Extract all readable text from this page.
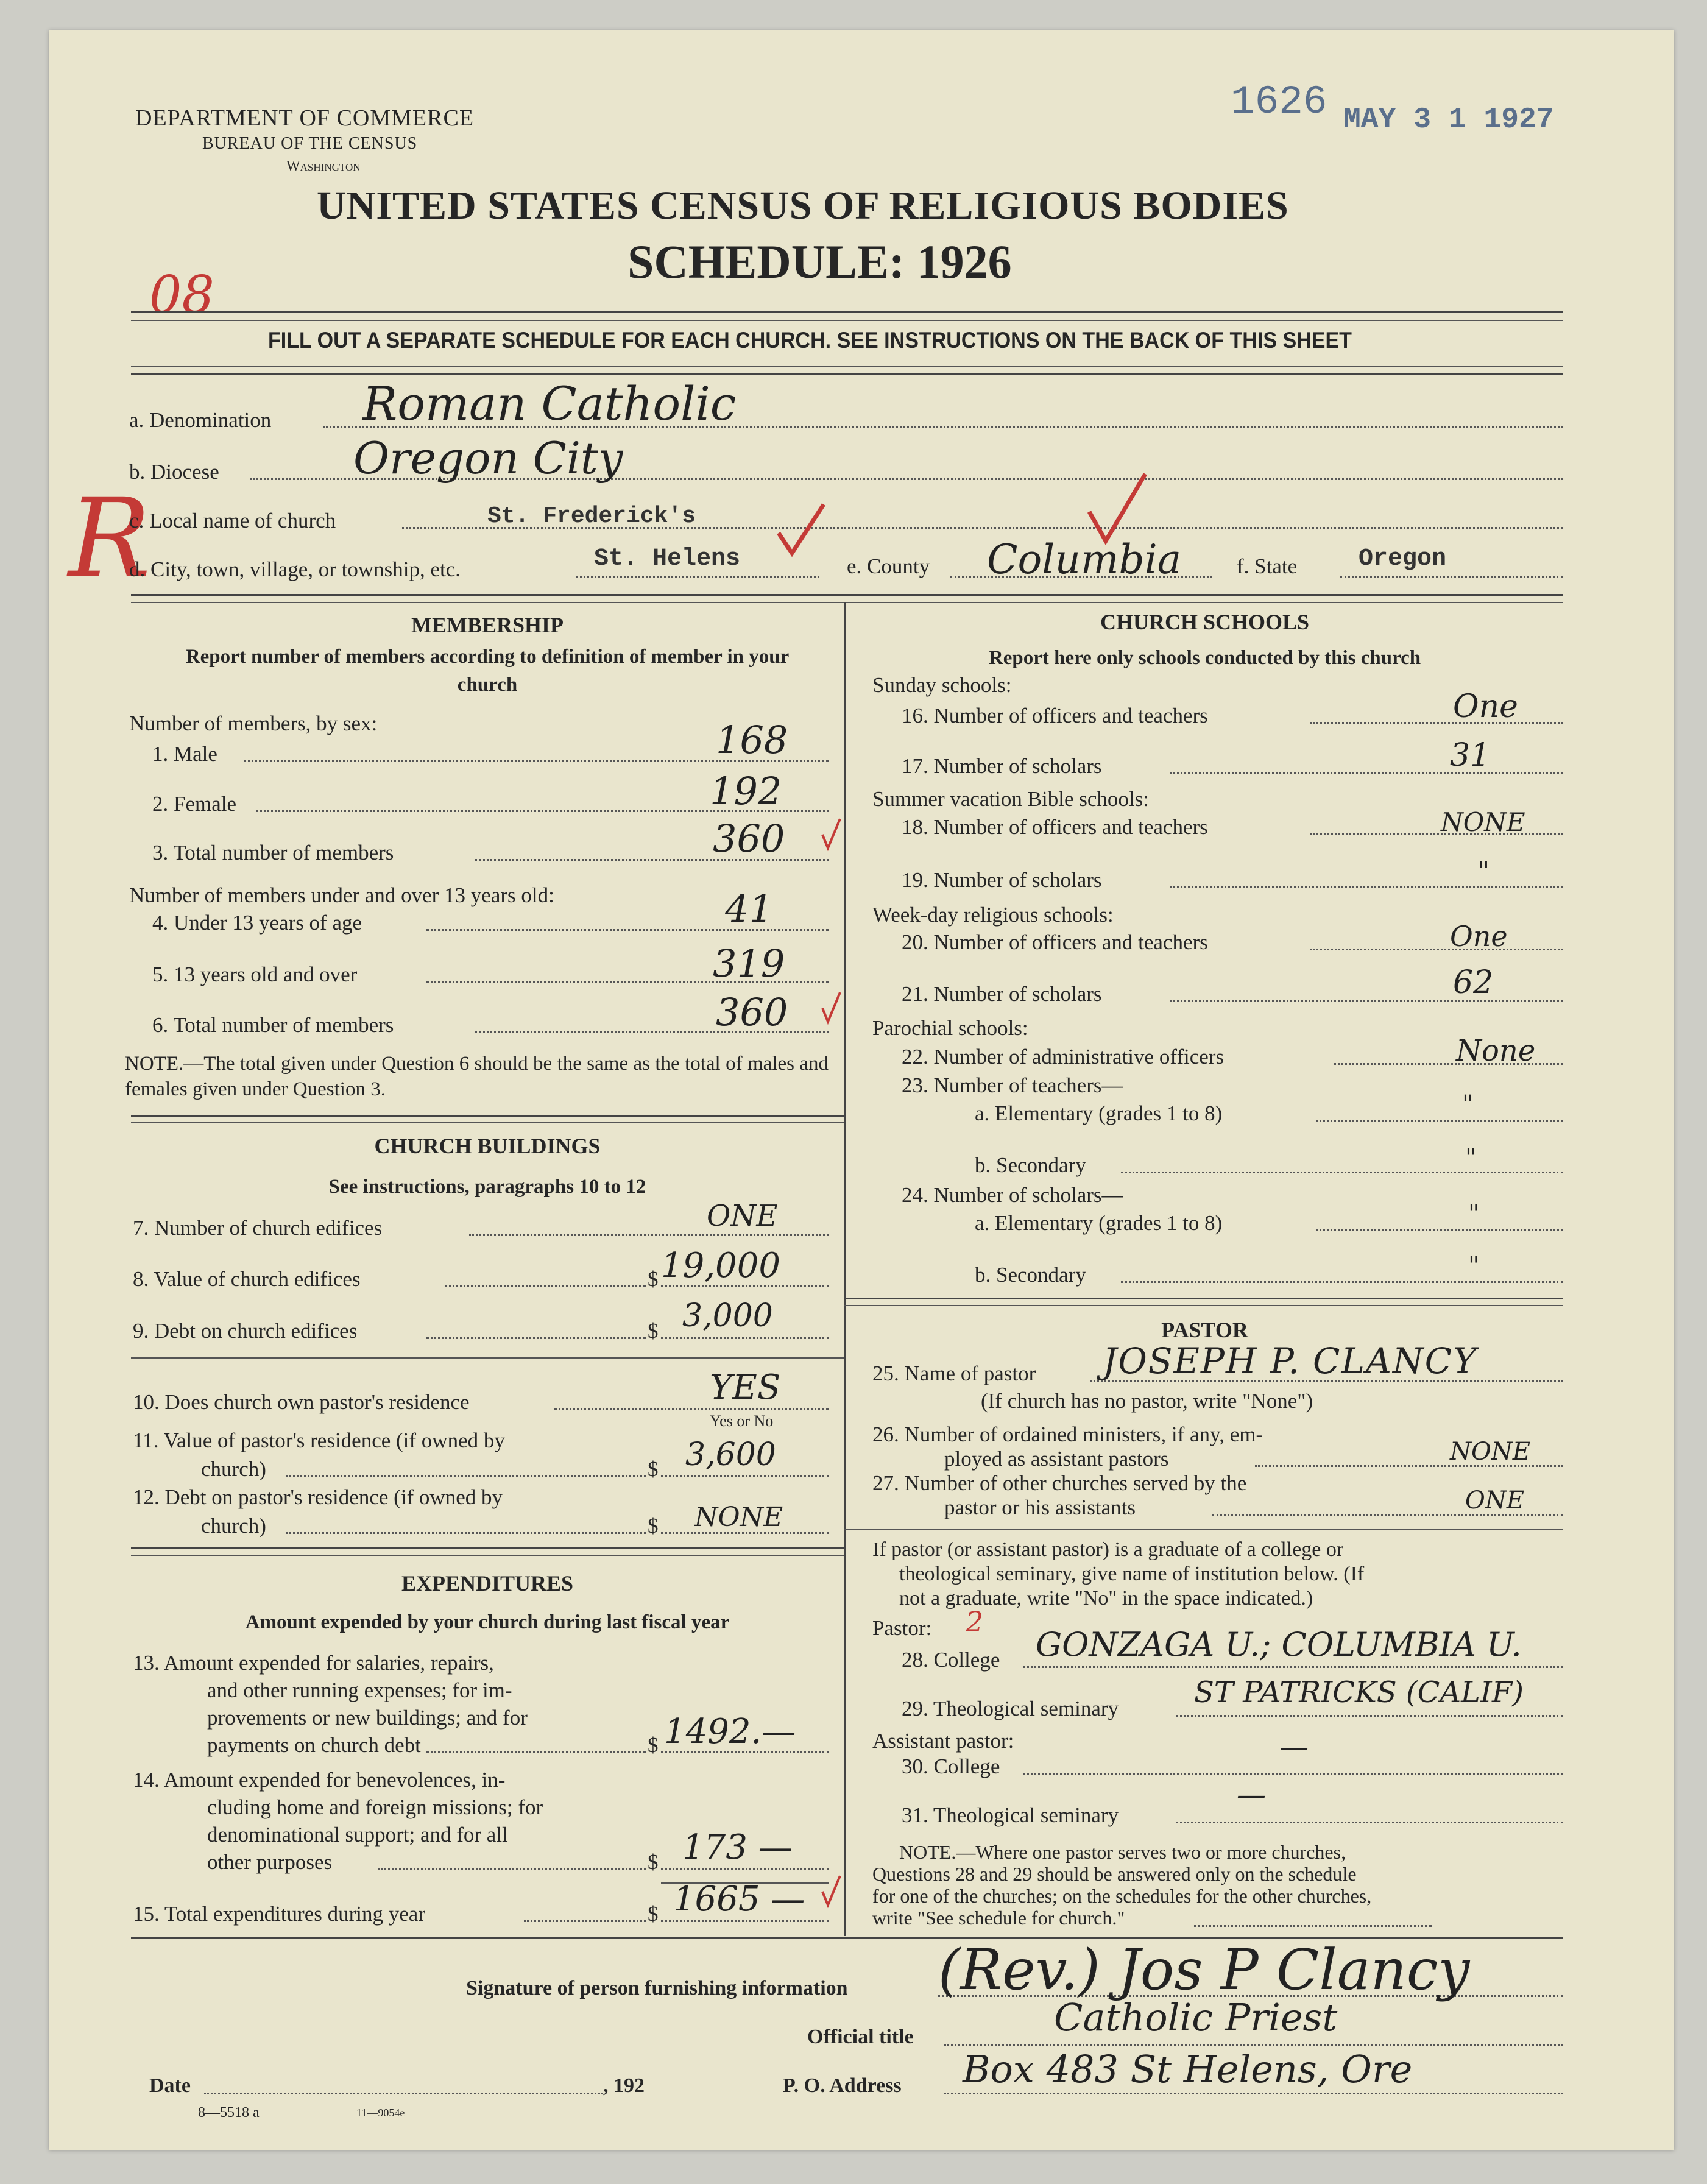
DEPARTMENT OF COMMERCE
BUREAU OF THE CENSUS
Washington
1626 MAY 3 1 1927
UNITED STATES CENSUS OF RELIGIOUS BODIES
SCHEDULE: 1926
08
R
FILL OUT A SEPARATE SCHEDULE FOR EACH CHURCH. SEE INSTRUCTIONS ON THE BACK OF THIS SHEET
a. Denomination Roman Catholic
b. Diocese	Oregon City
c. Local name of church	St. Frederick's
d. City, town, village, or township, etc.	St. Helens	e. County Columbia	f. State	Oregon
MEMBERSHIP
Report number of members according to definition of member in your church
Number of members, by sex:
1. Male	168
2. Female	192
3. Total number of members	360
Number of members under and over 13 years old:
4. Under 13 years of age	41
5. 13 years old and over	319
6. Total number of members	360
NOTE.—The total given under Question 6 should be the same as the total of males and females given under Question 3.
CHURCH BUILDINGS
See instructions, paragraphs 10 to 12
7. Number of church edifices	ONE
8. Value of church edifices	$ 19,000
9. Debt on church edifices	$ 3,000
10. Does church own pastor's residence	YES
Yes or No
11. Value of pastor's residence (if owned by
church)	$ 3,600
12. Debt on pastor's residence (if owned by
church)	$ NONE
EXPENDITURES
Amount expended by your church during last fiscal year
13. Amount expended for salaries, repairs,
and other running expenses; for im-
provements or new buildings; and for
payments on church debt	$ 1492.—
14. Amount expended for benevolences, in-
cluding home and foreign missions; for
denominational support; and for all
other purposes	$ 173 —
15. Total expenditures during year	$ 1665 —
CHURCH SCHOOLS
Report here only schools conducted by this church
Sunday schools:
16. Number of officers and teachers	One
17. Number of scholars	31
Summer vacation Bible schools:
18. Number of officers and teachers	NONE
19. Number of scholars	"
Week-day religious schools:
20. Number of officers and teachers	One
21. Number of scholars	62
Parochial schools:
22. Number of administrative officers	None
23. Number of teachers—
a. Elementary (grades 1 to 8)	"
b. Secondary	"
24. Number of scholars—
a. Elementary (grades 1 to 8)	"
b. Secondary	"
PASTOR
25. Name of pastor JOSEPH P. CLANCY
(If church has no pastor, write "None")
26. Number of ordained ministers, if any, em-
ployed as assistant pastors	NONE
27. Number of other churches served by the
pastor or his assistants	ONE
If pastor (or assistant pastor) is a graduate of a college or
theological seminary, give name of institution below. (If
not a graduate, write "No" in the space indicated.)
Pastor: 2
28. College GONZAGA U.; COLUMBIA U.
29. Theological seminary	ST PATRICKS (CALIF)
Assistant pastor:
30. College
—
31. Theological seminary
—
NOTE.—Where one pastor serves two or more churches,
Questions 28 and 29 should be answered only on the schedule
for one of the churches; on the schedules for the other churches,
write "See schedule for church."
Signature of person furnishing information (Rev.) Jos P Clancy
Official title	Catholic Priest
Date	, 192	P. O. Address Box 483 St Helens, Ore
8—5518 a	11—9054e
